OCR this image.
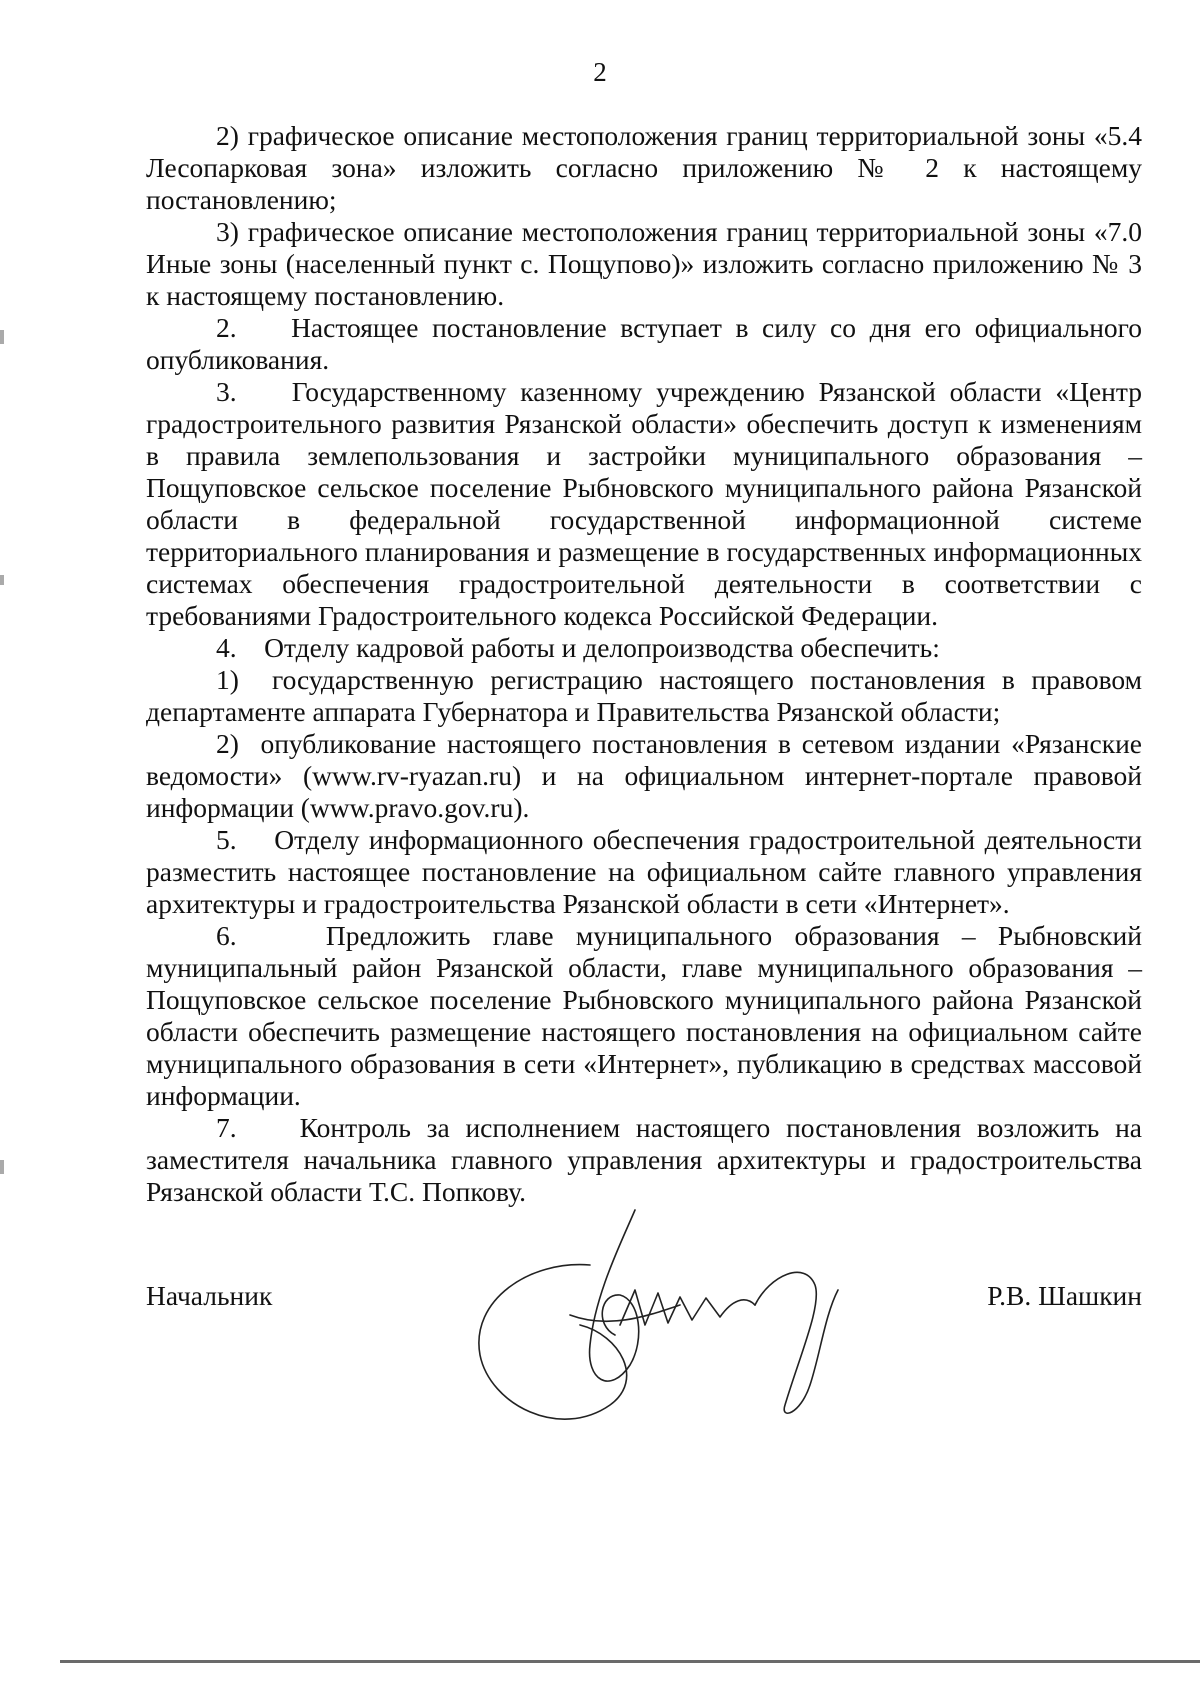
2

2) графическое описание местоположения границ территориальной зоны «5.4 Лесопарковая зона» изложить согласно приложению № 2 к настоящему постановлению;

3) графическое описание местоположения границ территориальной зоны «7.0 Иные зоны (населенный пункт с. Пощупово)» изложить согласно приложению № 3 к настоящему постановлению.

2.    Настоящее постановление вступает в силу со дня его официального опубликования.

3.    Государственному казенному учреждению Рязанской области «Центр градостроительного развития Рязанской области» обеспечить доступ к изменениям в правила землепользования и застройки муниципального образования – Пощуповское сельское поселение Рыбновского муниципального района Рязанской области в федеральной государственной информационной системе территориального планирования и размещение в государственных информационных системах обеспечения градостроительной деятельности в соответствии с требованиями Градостроительного кодекса Российской Федерации.

4.    Отделу кадровой работы и делопроизводства обеспечить:

1)  государственную регистрацию настоящего постановления в правовом департаменте аппарата Губернатора и Правительства Рязанской области;

2)  опубликование настоящего постановления в сетевом издании «Рязанские ведомости» (www.rv-ryazan.ru) и на официальном интернет-портале правовой информации (www.pravo.gov.ru).

5.    Отделу информационного обеспечения градостроительной деятельности разместить настоящее постановление на официальном сайте главного управления архитектуры и градостроительства Рязанской области в сети «Интернет».

6.    Предложить главе муниципального образования – Рыбновский муниципальный район Рязанской области, главе муниципального образования – Пощуповское сельское поселение Рыбновского муниципального района Рязанской области обеспечить размещение настоящего постановления на официальном сайте муниципального образования в сети «Интернет», публикацию в средствах массовой информации.

7.    Контроль за исполнением настоящего постановления возложить на заместителя начальника главного управления архитектуры и градостроительства Рязанской области Т.С. Попкову.

Начальник	Р.В. Шашкин
